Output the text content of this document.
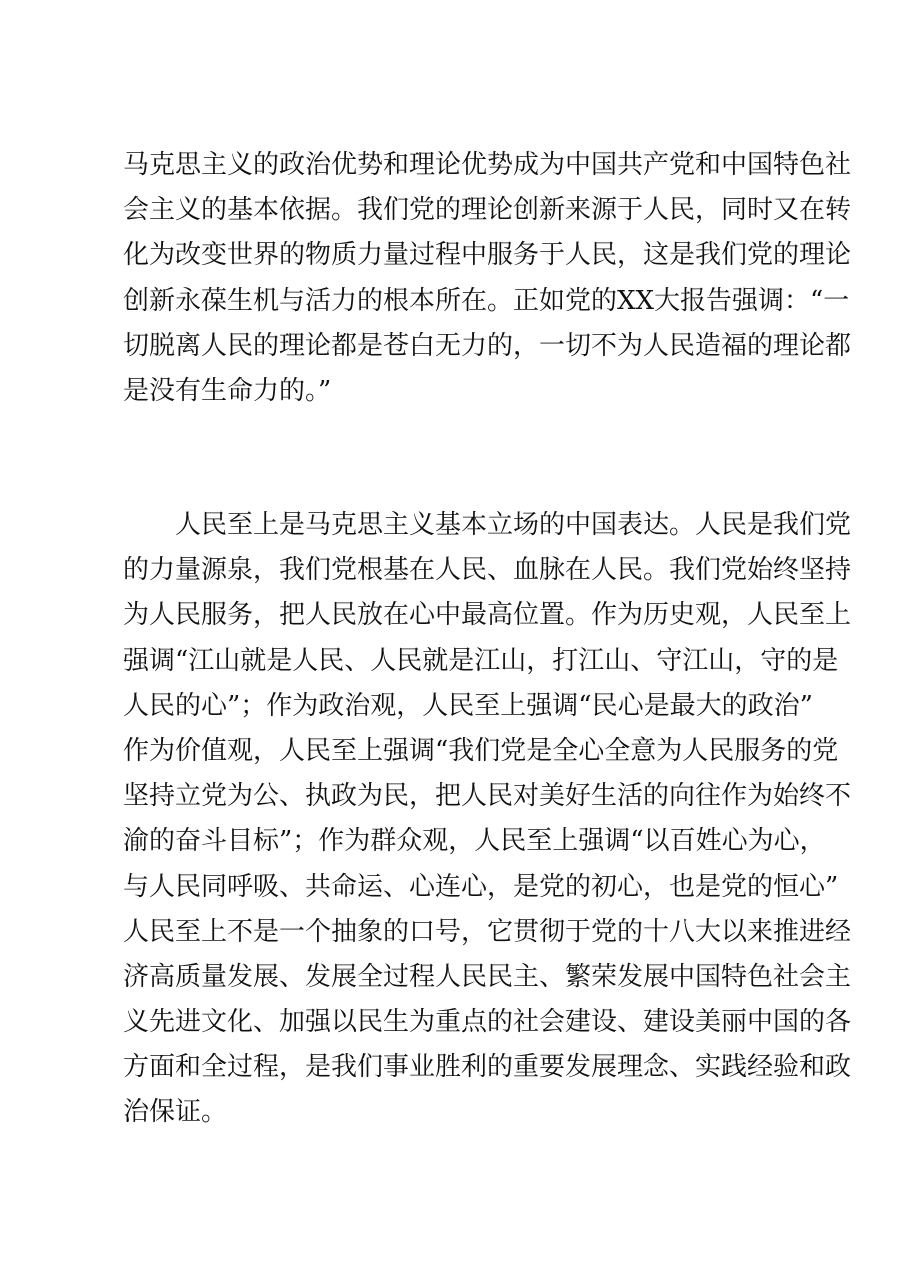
马克思主义的政治优势和理论优势成为中国共产党和中国特色社
会主义的基本依据。我们党的理论创新来源于人民，同时又在转
化为改变世界的物质力量过程中服务于人民，这是我们党的理论
创新永葆生机与活力的根本所在。正如党的XX大报告强调：“一
切脱离人民的理论都是苍白无力的，一切不为人民造福的理论都
是没有生命力的。”
人民至上是马克思主义基本立场的中国表达。人民是我们党
的力量源泉，我们党根基在人民、血脉在人民。我们党始终坚持
为人民服务，把人民放在心中最高位置。作为历史观，人民至上
强调“江山就是人民、人民就是江山，打江山、守江山，守的是
人民的心”；作为政治观，人民至上强调“民心是最大的政治”
作为价值观，人民至上强调“我们党是全心全意为人民服务的党
坚持立党为公、执政为民，把人民对美好生活的向往作为始终不
渝的奋斗目标”；作为群众观，人民至上强调“以百姓心为心，
与人民同呼吸、共命运、心连心，是党的初心，也是党的恒心”
人民至上不是一个抽象的口号，它贯彻于党的十八大以来推进经
济高质量发展、发展全过程人民民主、繁荣发展中国特色社会主
义先进文化、加强以民生为重点的社会建设、建设美丽中国的各
方面和全过程，是我们事业胜利的重要发展理念、实践经验和政
治保证。
